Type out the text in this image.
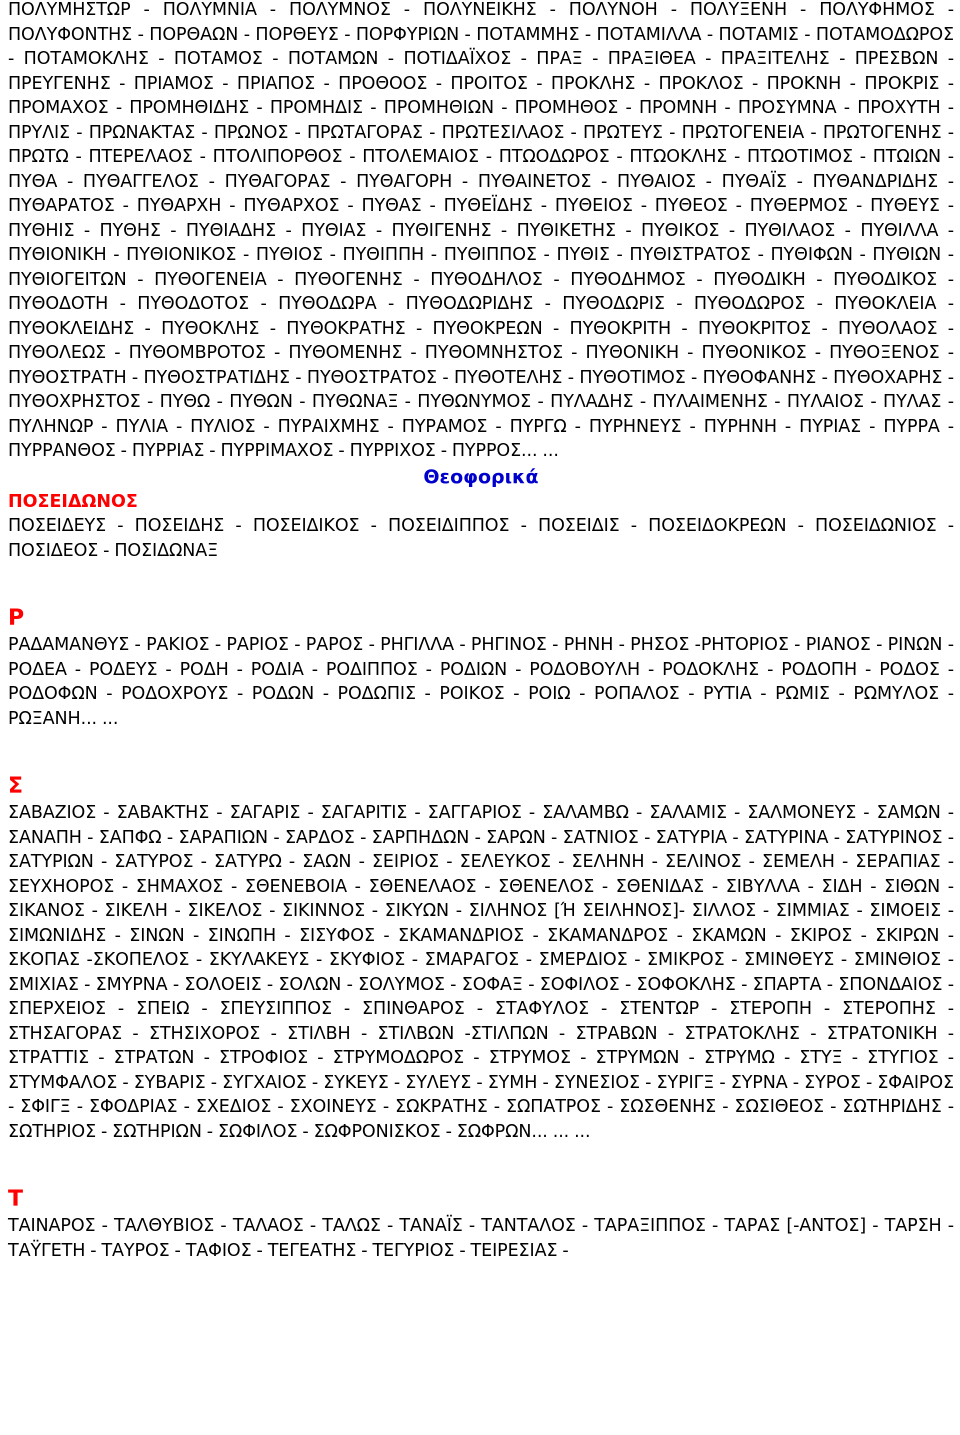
ΠΟΛΥΜΗΣΤΩΡ - ΠΟΛΥΜΝΙΑ - ΠΟΛΥΜΝΟΣ - ΠΟΛΥΝΕΙΚΗΣ - ΠΟΛΥΝΟΗ - ΠΟΛΥΞΕΝΗ - ΠΟΛΥΦΗΜΟΣ - ΠΟΛΥΦΟΝΤΗΣ - ΠΟΡΘΑΩΝ - ΠΟΡΘΕΥΣ - ΠΟΡΦΥΡΙΩΝ - ΠΟΤΑΜΜΗΣ - ΠΟΤΑΜΙΛΛΑ - ΠΟΤΑΜΙΣ - ΠΟΤΑΜΟΔΩΡΟΣ - ΠΟΤΑΜΟΚΛΗΣ - ΠΟΤΑΜΟΣ - ΠΟΤΑΜΩΝ - ΠΟΤΙΔΑΪΧΟΣ - ΠΡΑΞ - ΠΡΑΞΙΘΕΑ - ΠΡΑΞΙΤΕΛΗΣ - ΠΡΕΣΒΩΝ - ΠΡΕΥΓΕΝΗΣ - ΠΡΙΑΜΟΣ - ΠΡΙΑΠΟΣ - ΠΡΟΘΟΟΣ - ΠΡΟΙΤΟΣ - ΠΡΟΚΛΗΣ - ΠΡΟΚΛΟΣ - ΠΡΟΚΝΗ - ΠΡΟΚΡΙΣ - ΠΡΟΜΑΧΟΣ - ΠΡΟΜΗΘΙΔΗΣ - ΠΡΟΜΗΔΙΣ - ΠΡΟΜΗΘΙΩΝ - ΠΡΟΜΗΘΟΣ - ΠΡΟΜΝΗ - ΠΡΟΣΥΜΝΑ - ΠΡΟΧΥΤΗ - ΠΡΥΛΙΣ - ΠΡΩΝΑΚΤΑΣ - ΠΡΩΝΟΣ - ΠΡΩΤΑΓΟΡΑΣ - ΠΡΩΤΕΣΙΛΑΟΣ - ΠΡΩΤΕΥΣ - ΠΡΩΤΟΓΕΝΕΙΑ - ΠΡΩΤΟΓΕΝΗΣ - ΠΡΩΤΩ - ΠΤΕΡΕΛΑΟΣ - ΠΤΟΛΙΠΟΡΘΟΣ - ΠΤΟΛΕΜΑΙΟΣ - ΠΤΩΟΔΩΡΟΣ - ΠΤΩΟΚΛΗΣ - ΠΤΩΟΤΙΜΟΣ - ΠΤΩΙΩΝ - ΠΥΘΑ - ΠΥΘΑΓΓΕΛΟΣ - ΠΥΘΑΓΟΡΑΣ - ΠΥΘΑΓΟΡΗ - ΠΥΘΑΙΝΕΤΟΣ - ΠΥΘΑΙΟΣ - ΠΥΘΑΪΣ - ΠΥΘΑΝΔΡΙΔΗΣ - ΠΥΘΑΡΑΤΟΣ - ΠΥΘΑΡΧΗ - ΠΥΘΑΡΧΟΣ - ΠΥΘΑΣ - ΠΥΘΕΪΔΗΣ - ΠΥΘΕΙΟΣ - ΠΥΘΕΟΣ - ΠΥΘΕΡΜΟΣ - ΠΥΘΕΥΣ - ΠΥΘΗΙΣ - ΠΥΘΗΣ - ΠΥΘΙΑΔΗΣ - ΠΥΘΙΑΣ - ΠΥΘΙΓΕΝΗΣ - ΠΥΘΙΚΕΤΗΣ - ΠΥΘΙΚΟΣ - ΠΥΘΙΛΑΟΣ - ΠΥΘΙΛΛΑ - ΠΥΘΙΟΝΙΚΗ - ΠΥΘΙΟΝΙΚΟΣ - ΠΥΘΙΟΣ - ΠΥΘΙΠΠΗ - ΠΥΘΙΠΠΟΣ - ΠΥΘΙΣ - ΠΥΘΙΣΤΡΑΤΟΣ - ΠΥΘΙΦΩΝ - ΠΥΘΙΩΝ - ΠΥΘΙΟΓΕΙΤΩΝ - ΠΥΘΟΓΕΝΕΙΑ - ΠΥΘΟΓΕΝΗΣ - ΠΥΘΟΔΗΛΟΣ - ΠΥΘΟΔΗΜΟΣ - ΠΥΘΟΔΙΚΗ - ΠΥΘΟΔΙΚΟΣ - ΠΥΘΟΔΟΤΗ - ΠΥΘΟΔΟΤΟΣ - ΠΥΘΟΔΩΡΑ - ΠΥΘΟΔΩΡΙΔΗΣ - ΠΥΘΟΔΩΡΙΣ - ΠΥΘΟΔΩΡΟΣ - ΠΥΘΟΚΛΕΙΑ - ΠΥΘΟΚΛΕΙΔΗΣ - ΠΥΘΟΚΛΗΣ - ΠΥΘΟΚΡΑΤΗΣ - ΠΥΘΟΚΡΕΩΝ - ΠΥΘΟΚΡΙΤΗ - ΠΥΘΟΚΡΙΤΟΣ - ΠΥΘΟΛΑΟΣ - ΠΥΘΟΛΕΩΣ - ΠΥΘΟΜΒΡΟΤΟΣ - ΠΥΘΟΜΕΝΗΣ - ΠΥΘΟΜΝΗΣΤΟΣ - ΠΥΘΟΝΙΚΗ - ΠΥΘΟΝΙΚΟΣ - ΠΥΘΟΞΕΝΟΣ - ΠΥΘΟΣΤΡΑΤΗ - ΠΥΘΟΣΤΡΑΤΙΔΗΣ - ΠΥΘΟΣΤΡΑΤΟΣ - ΠΥΘΟΤΕΛΗΣ - ΠΥΘΟΤΙΜΟΣ - ΠΥΘΟΦΑΝΗΣ - ΠΥΘΟΧΑΡΗΣ - ΠΥΘΟΧΡΗΣΤΟΣ - ΠΥΘΩ - ΠΥΘΩΝ - ΠΥΘΩΝΑΞ - ΠΥΘΩΝΥΜΟΣ - ΠΥΛΑΔΗΣ - ΠΥΛΑΙΜΕΝΗΣ - ΠΥΛΑΙΟΣ - ΠΥΛΑΣ - ΠΥΛΗΝΩΡ - ΠΥΛΙΑ - ΠΥΛΙΟΣ - ΠΥΡΑΙΧΜΗΣ - ΠΥΡΑΜΟΣ - ΠΥΡΓΩ - ΠΥΡΗΝΕΥΣ - ΠΥΡΗΝΗ - ΠΥΡΙΑΣ - ΠΥΡΡΑ - ΠΥΡΡΑΝΘΟΣ - ΠΥΡΡΙΑΣ - ΠΥΡΡΙΜΑΧΟΣ - ΠΥΡΡΙΧΟΣ - ΠΥΡΡΟΣ... ...

Θεοφορικά

ΠΟΣΕΙΔΩΝΟΣ

ΠΟΣΕΙΔΕΥΣ - ΠΟΣΕΙΔΗΣ - ΠΟΣΕΙΔΙΚΟΣ - ΠΟΣΕΙΔΙΠΠΟΣ - ΠΟΣΕΙΔΙΣ - ΠΟΣΕΙΔΟΚΡΕΩΝ - ΠΟΣΕΙΔΩΝΙΟΣ - ΠΟΣΙΔΕΟΣ - ΠΟΣΙΔΩΝΑΞ

Ρ

ΡΑΔΑΜΑΝΘΥΣ - ΡΑΚΙΟΣ - ΡΑΡΙΟΣ - ΡΑΡΟΣ - ΡΗΓΙΛΛΑ - ΡΗΓΙΝΟΣ - ΡΗΝΗ - ΡΗΣΟΣ -ΡΗΤΟΡΙΟΣ - ΡΙΑΝΟΣ - ΡΙΝΩΝ - ΡΟΔΕΑ - ΡΟΔΕΥΣ - ΡΟΔΗ - ΡΟΔΙΑ - ΡΟΔΙΠΠΟΣ - ΡΟΔΙΩΝ - ΡΟΔΟΒΟΥΛΗ - ΡΟΔΟΚΛΗΣ - ΡΟΔΟΠΗ - ΡΟΔΟΣ - ΡΟΔΟΦΩΝ - ΡΟΔΟΧΡΟΥΣ - ΡΟΔΩΝ - ΡΟΔΩΠΙΣ - ΡΟΙΚΟΣ - ΡΟΙΩ - ΡΟΠΑΛΟΣ - ΡΥΤΙΑ - ΡΩΜΙΣ - ΡΩΜΥΛΟΣ - ΡΩΞΑΝΗ... ...

Σ

ΣΑΒΑΖΙΟΣ - ΣΑΒΑΚΤΗΣ - ΣΑΓΑΡΙΣ - ΣΑΓΑΡΙΤΙΣ - ΣΑΓΓΑΡΙΟΣ - ΣΑΛΑΜΒΩ - ΣΑΛΑΜΙΣ - ΣΑΛΜΟΝΕΥΣ - ΣΑΜΩΝ - ΣΑΝΑΠΗ - ΣΑΠΦΩ - ΣΑΡΑΠΙΩΝ - ΣΑΡΔΟΣ - ΣΑΡΠΗΔΩΝ - ΣΑΡΩΝ - ΣΑΤΝΙΟΣ - ΣΑΤΥΡΙΑ - ΣΑΤΥΡΙΝΑ - ΣΑΤΥΡΙΝΟΣ - ΣΑΤΥΡΙΩΝ - ΣΑΤΥΡΟΣ - ΣΑΤΥΡΩ - ΣΑΩΝ - ΣΕΙΡΙΟΣ - ΣΕΛΕΥΚΟΣ - ΣΕΛΗΝΗ - ΣΕΛΙΝΟΣ - ΣΕΜΕΛΗ - ΣΕΡΑΠΙΑΣ - ΣΕΥΧΗΟΡΟΣ - ΣΗΜΑΧΟΣ - ΣΘΕΝΕΒΟΙΑ - ΣΘΕΝΕΛΑΟΣ - ΣΘΕΝΕΛΟΣ - ΣΘΕΝΙΔΑΣ - ΣΙΒΥΛΛΑ - ΣΙΔΗ - ΣΙΘΩΝ - ΣΙΚΑΝΟΣ - ΣΙΚΕΛΗ - ΣΙΚΕΛΟΣ - ΣΙΚΙΝΝΟΣ - ΣΙΚΥΩΝ - ΣΙΛΗΝΟΣ [Ή ΣΕΙΛΗΝΟΣ]- ΣΙΛΛΟΣ - ΣΙΜΜΙΑΣ - ΣΙΜΟΕΙΣ - ΣΙΜΩΝΙΔΗΣ - ΣΙΝΩΝ - ΣΙΝΩΠΗ - ΣΙΣΥΦΟΣ - ΣΚΑΜΑΝΔΡΙΟΣ - ΣΚΑΜΑΝΔΡΟΣ - ΣΚΑΜΩΝ - ΣΚΙΡΟΣ - ΣΚΙΡΩΝ - ΣΚΟΠΑΣ -ΣΚΟΠΕΛΟΣ - ΣΚΥΛΑΚΕΥΣ - ΣΚΥΦΙΟΣ - ΣΜΑΡΑΓΟΣ - ΣΜΕΡΔΙΟΣ - ΣΜΙΚΡΟΣ - ΣΜΙΝΘΕΥΣ - ΣΜΙΝΘΙΟΣ - ΣΜΙΧΙΑΣ - ΣΜΥΡΝΑ - ΣΟΛΟΕΙΣ - ΣΟΛΩΝ - ΣΟΛΥΜΟΣ - ΣΟΦΑΞ - ΣΟΦΙΛΟΣ - ΣΟΦΟΚΛΗΣ - ΣΠΑΡΤΑ - ΣΠΟΝΔΑΙΟΣ - ΣΠΕΡΧΕΙΟΣ - ΣΠΕΙΩ - ΣΠΕΥΣΙΠΠΟΣ - ΣΠΙΝΘΑΡΟΣ - ΣΤΑΦΥΛΟΣ - ΣΤΕΝΤΩΡ - ΣΤΕΡΟΠΗ - ΣΤΕΡΟΠΗΣ - ΣΤΗΣΑΓΟΡΑΣ - ΣΤΗΣΙΧΟΡΟΣ - ΣΤΙΛΒΗ - ΣΤΙΛΒΩΝ -ΣΤΙΛΠΩΝ - ΣΤΡΑΒΩΝ - ΣΤΡΑΤΟΚΛΗΣ - ΣΤΡΑΤΟΝΙΚΗ - ΣΤΡΑΤΤΙΣ - ΣΤΡΑΤΩΝ - ΣΤΡΟΦΙΟΣ - ΣΤΡΥΜΟΔΩΡΟΣ - ΣΤΡΥΜΟΣ - ΣΤΡΥΜΩΝ - ΣΤΡΥΜΩ - ΣΤΥΞ - ΣΤΥΓΙΟΣ - ΣΤΥΜΦΑΛΟΣ - ΣΥΒΑΡΙΣ - ΣΥΓΧΑΙΟΣ - ΣΥΚΕΥΣ - ΣΥΛΕΥΣ - ΣΥΜΗ - ΣΥΝΕΣΙΟΣ - ΣΥΡΙΓΞ - ΣΥΡΝΑ - ΣΥΡΟΣ - ΣΦΑΙΡΟΣ - ΣΦΙΓΞ - ΣΦΟΔΡΙΑΣ - ΣΧΕΔΙΟΣ - ΣΧΟΙΝΕΥΣ - ΣΩΚΡΑΤΗΣ - ΣΩΠΑΤΡΟΣ - ΣΩΣΘΕΝΗΣ - ΣΩΣΙΘΕΟΣ - ΣΩΤΗΡΙΔΗΣ - ΣΩΤΗΡΙΟΣ - ΣΩΤΗΡΙΩΝ - ΣΩΦΙΛΟΣ - ΣΩΦΡΟΝΙΣΚΟΣ - ΣΩΦΡΩΝ... ... ...

Τ

ΤΑΙΝΑΡΟΣ - ΤΑΛΘΥΒΙΟΣ - ΤΑΛΑΟΣ - ΤΑΛΩΣ - ΤΑΝΑΪΣ - ΤΑΝΤΑΛΟΣ - ΤΑΡΑΞΙΠΠΟΣ - ΤΑΡΑΣ [-ΑΝΤΟΣ] - ΤΑΡΣΗ - ΤΑΫΓΕΤΗ - ΤΑΥΡΟΣ - ΤΑΦΙΟΣ - ΤΕΓΕΑΤΗΣ - ΤΕΓΥΡΙΟΣ - ΤΕΙΡΕΣΙΑΣ -
